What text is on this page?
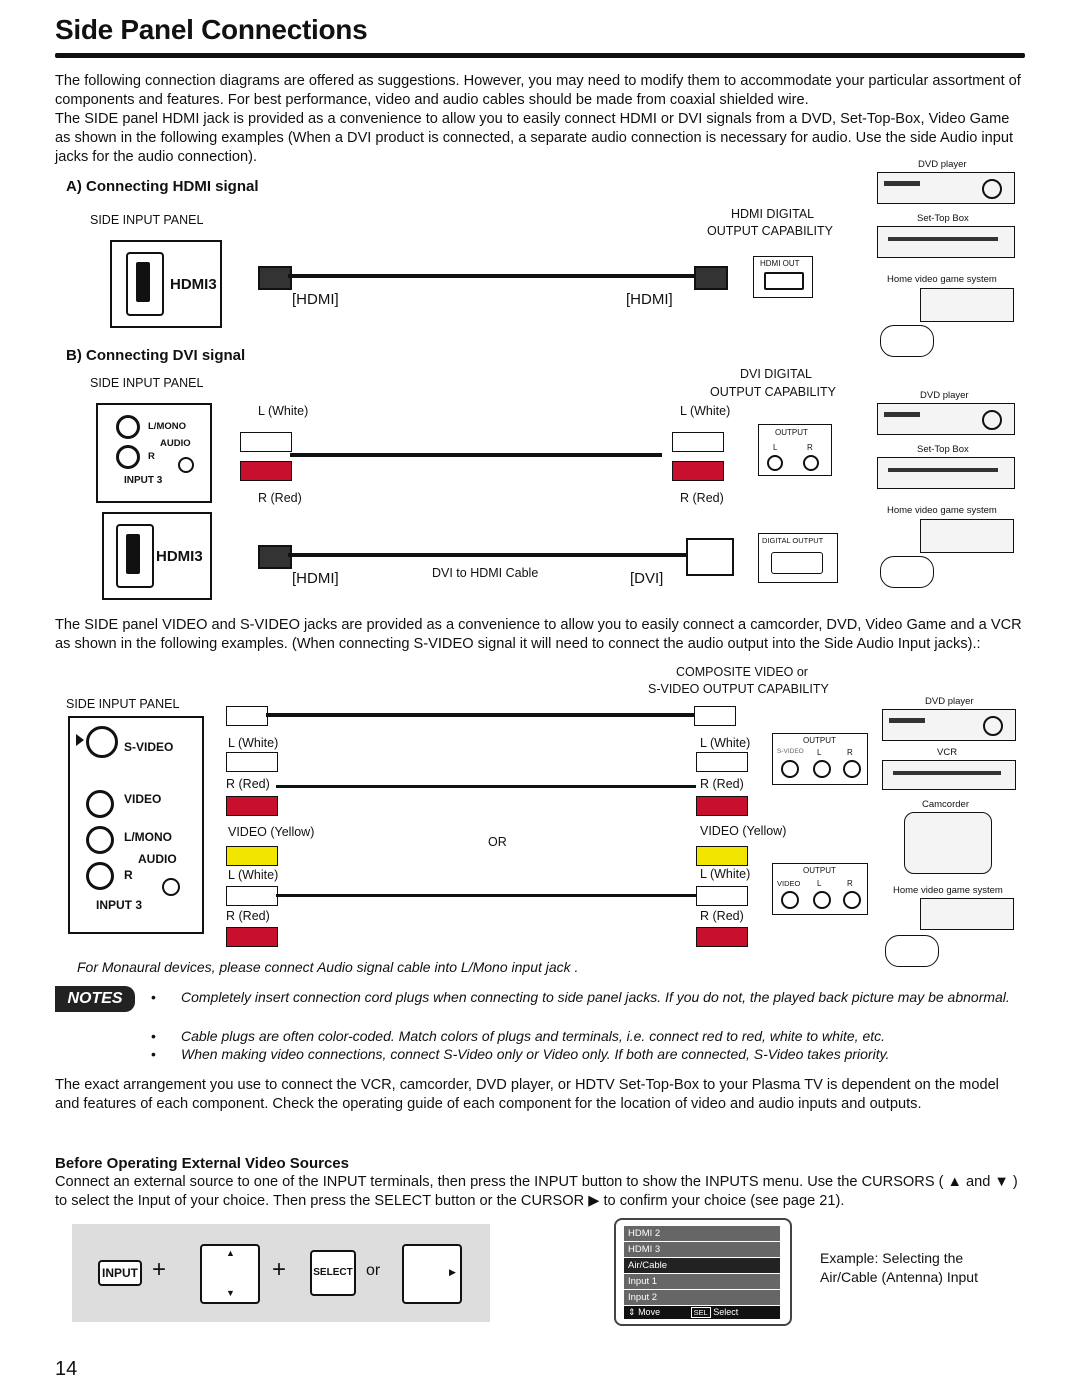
Side Panel Connections
The following connection diagrams are offered as suggestions. However, you may need to modify them to accommodate your particular assortment of components and features. For best performance, video and audio cables should be made from coaxial shielded wire.
The SIDE panel HDMI jack is provided as a convenience to allow you to easily connect HDMI or DVI signals from a DVD, Set-Top-Box, Video Game as shown in the following examples (When a DVI product is connected, a separate audio connection is necessary for audio. Use the side Audio input jacks for the audio connection).	DVD player
Set-Top Box
Home video game system
A) Connecting HDMI signal
SIDE INPUT PANEL	HDMI DIGITAL
OUTPUT CAPABILITY
HDMI3
[HDMI]	[HDMI]
HDMI OUT
B) Connecting DVI signal
DVI DIGITAL
OUTPUT CAPABILITY
SIDE INPUT PANEL
L/MONO
AUDIO
R
INPUT 3
L (White)	L (White)
R (Red)	R (Red)
OUTPUT
L	R
DVD player
Set-Top Box
Home video game system
HDMI3
[HDMI]	DVI to HDMI Cable	[DVI]
DIGITAL OUTPUT
The SIDE panel VIDEO and S-VIDEO jacks are provided as a convenience to allow you to easily connect a camcorder, DVD, Video Game and a VCR as shown in the following examples. (When connecting S-VIDEO signal it will need to connect the audio output into the Side Audio Input jacks).:
COMPOSITE VIDEO or
S-VIDEO OUTPUT CAPABILITY
SIDE INPUT PANEL
S-VIDEO
VIDEO
L/MONO
AUDIO
R
INPUT 3
L (White)	L (White)
R (Red)	R (Red)
OR
VIDEO (Yellow)	VIDEO (Yellow)
L (White)	L (White)
R (Red)	R (Red)
OUTPUT
S-VIDEO L	R
OUTPUT
VIDEO L	R
DVD player
VCR
Camcorder
Home video game system
For Monaural devices, please connect Audio signal cable into L/Mono input jack .
NOTES	• Completely insert connection cord plugs when connecting to side panel jacks. If you do not, the played back picture may be abnormal.
• Cable plugs are often color-coded. Match colors of plugs and terminals, i.e. connect red to red, white to white, etc.
• When making video connections, connect S-Video only or Video only. If both are connected, S-Video takes priority.
The exact arrangement you use to connect the VCR, camcorder, DVD player, or HDTV Set-Top-Box to your Plasma TV is dependent on the model and features of each component. Check the operating guide of each component for the location of video and audio inputs and outputs.
Before Operating External Video Sources
Connect an external source to one of the INPUT terminals, then press the INPUT button to show the INPUTS menu. Use the CURSORS ( ▲ and ▼ ) to select the Input of your choice. Then press the SELECT button or the CURSOR ▶ to confirm your choice (see page 21).
INPUT +
▲
▼
+	SELECT or	▶
HDMI 2
HDMI 3
Air/Cable
Input 1
Input 2
⇕ Move	SEL Select
Example: Selecting the Air/Cable (Antenna) Input
14
